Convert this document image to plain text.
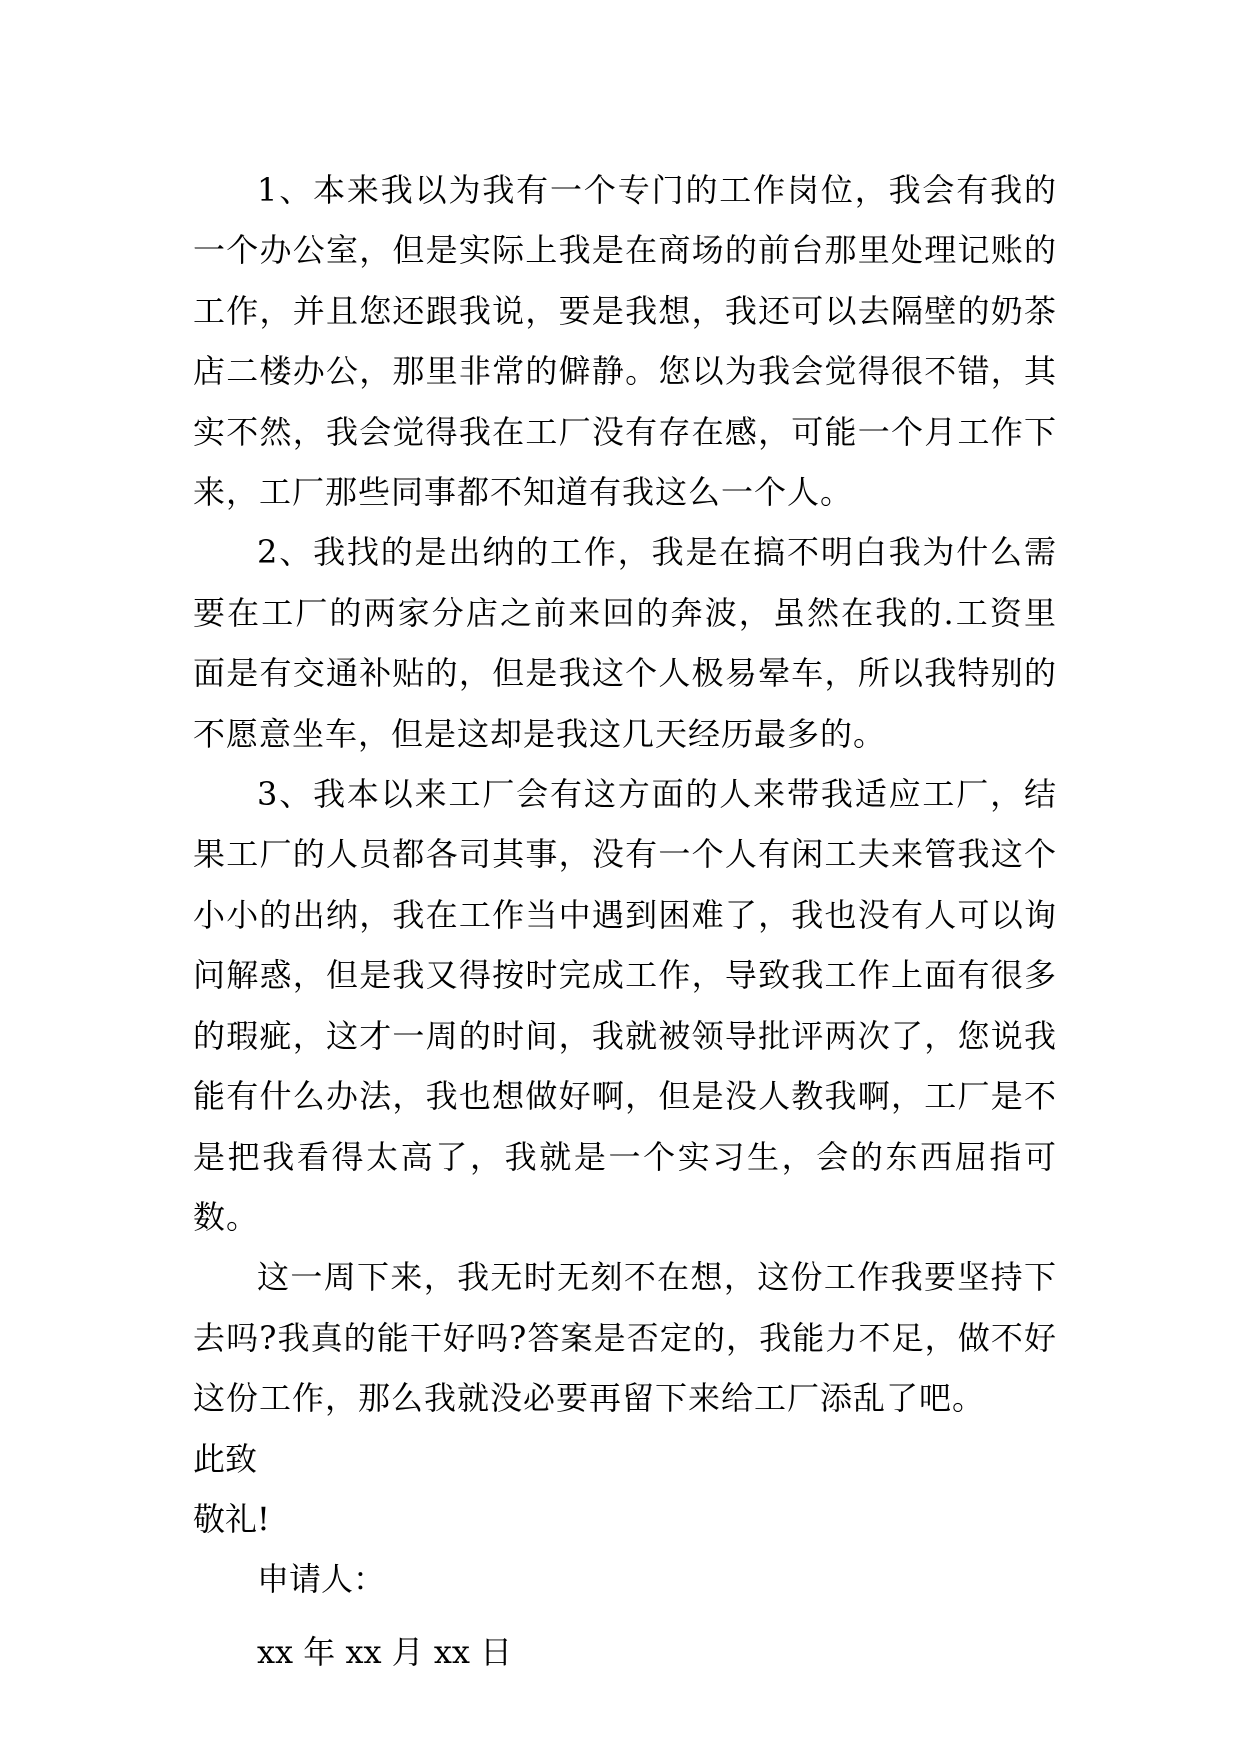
1、本来我以为我有一个专门的工作岗位，我会有我的一个办公室，但是实际上我是在商场的前台那里处理记账的工作，并且您还跟我说，要是我想，我还可以去隔壁的奶茶店二楼办公，那里非常的僻静。您以为我会觉得很不错，其实不然，我会觉得我在工厂没有存在感，可能一个月工作下来，工厂那些同事都不知道有我这么一个人。

2、我找的是出纳的工作，我是在搞不明白我为什么需要在工厂的两家分店之前来回的奔波，虽然在我的.工资里面是有交通补贴的，但是我这个人极易晕车，所以我特别的不愿意坐车，但是这却是我这几天经历最多的。

3、我本以来工厂会有这方面的人来带我适应工厂，结果工厂的人员都各司其事，没有一个人有闲工夫来管我这个小小的出纳，我在工作当中遇到困难了，我也没有人可以询问解惑，但是我又得按时完成工作，导致我工作上面有很多的瑕疵，这才一周的时间，我就被领导批评两次了，您说我能有什么办法，我也想做好啊，但是没人教我啊，工厂是不是把我看得太高了，我就是一个实习生，会的东西屈指可数。

这一周下来，我无时无刻不在想，这份工作我要坚持下去吗?我真的能干好吗?答案是否定的，我能力不足，做不好这份工作，那么我就没必要再留下来给工厂添乱了吧。

此致

敬礼!

申请人：

xx 年 xx 月 xx 日
